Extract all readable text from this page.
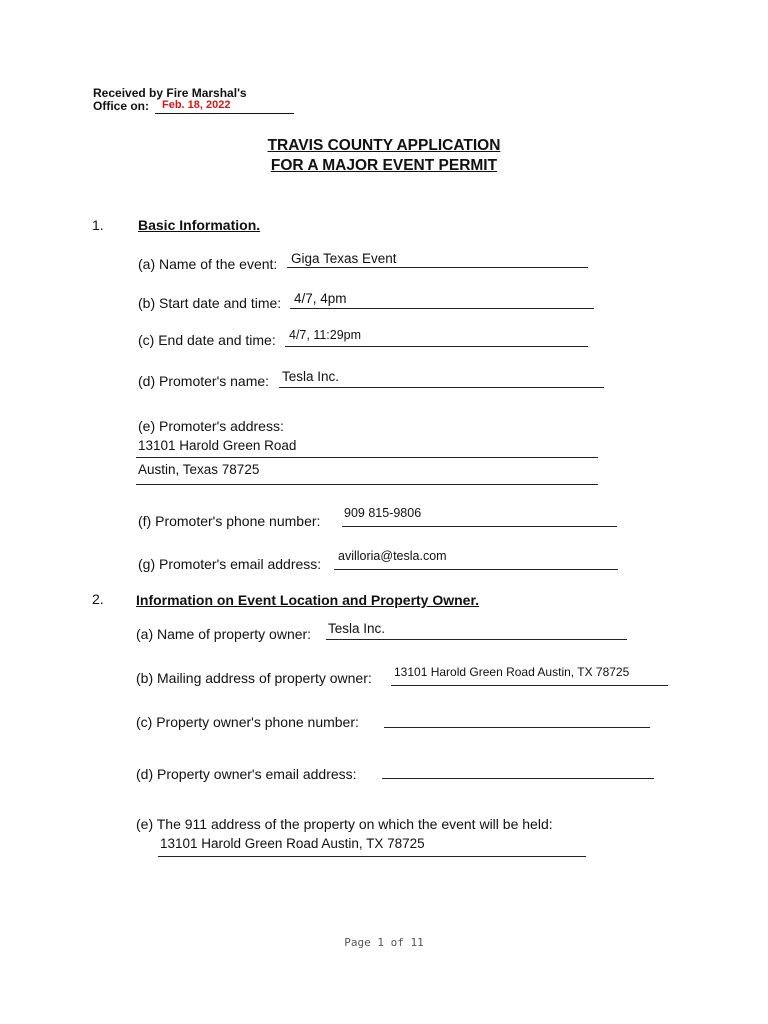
Received by Fire Marshal's
Office on: Feb. 18, 2022
TRAVIS COUNTY APPLICATION
FOR A MAJOR EVENT PERMIT
1. Basic Information.
(a) Name of the event: Giga Texas Event
(b) Start date and time: 4/7, 4pm
(c) End date and time: 4/7, 11:29pm
(d) Promoter's name: Tesla Inc.
(e) Promoter's address:
13101 Harold Green Road
Austin, Texas 78725
(f) Promoter's phone number: 909 815-9806
(g) Promoter's email address: avilloria@tesla.com
2. Information on Event Location and Property Owner.
(a) Name of property owner: Tesla Inc.
(b) Mailing address of property owner: 13101 Harold Green Road Austin, TX 78725
(c) Property owner's phone number:
(d) Property owner's email address:
(e) The 911 address of the property on which the event will be held:
13101 Harold Green Road Austin, TX 78725
Page 1 of 11
